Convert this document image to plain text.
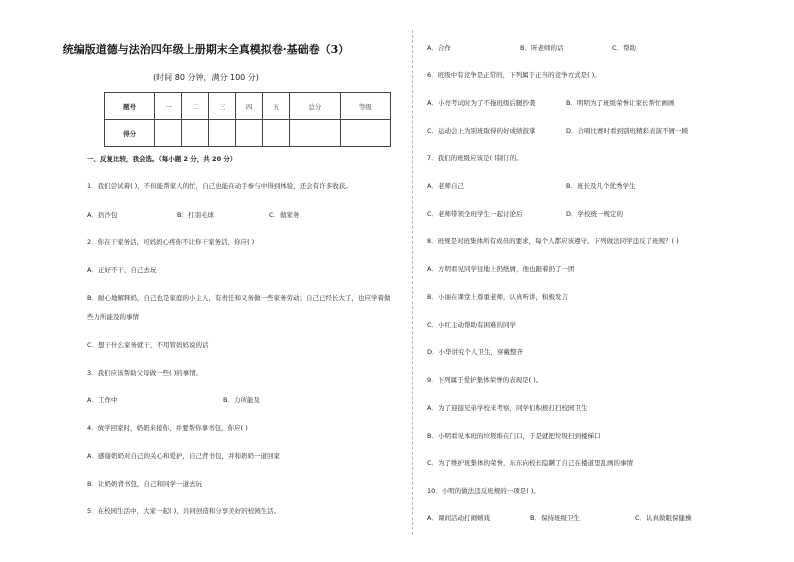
统编版道德与法治四年级上册期末全真模拟卷·基础卷（3）
(时间 80 分钟，满分 100 分)
题号	一	二	三	四	五	总分	等级
得分							
一、反复比较，我会选。（每小题 2 分，共 20 分）
1．我们尝试着( )，不但能帮家人的忙，自己也能在动手参与中得到体验，还会有许多收获。
A．扔沙包	B．打羽毛球	C．做家务
2．你在干家务活，可妈妈心疼你不让你干家务活，你应( )
A．正好不干，自己去玩
B．耐心地解释妈，自己也是家庭的小主人，有责任和义务做一些家务劳动；自己已经长大了，也应学着做
些力所能及的事情
C．想干什么家务就干，不用管妈妈说的话
3．我们应该帮助父母做一些( )的事情。
A．工作中	B．力所能及
4．放学回家时，奶奶来接你，并要帮你拿书包，你应( )
A．感谢奶奶对自己的关心和爱护，自己背书包，并和奶奶一道回家
B．让奶奶背书包，自己和同学一道去玩
5．在校园生活中，大家一起( )，共同创造和分享美好的校园生活。
A．合作	B．听老师的话	C．帮助
6．班级中有竞争是正常的，下列属于正当的竞争方式是( )。
A．小亮考试时为了不拖班级后腿抄袭	B．明明为了班级荣誉让家长帮忙画画
C．运动会上为别班取得的好成绩鼓掌	D．合唱比赛时看到别班精彩表演不屑一顾
7．我们的班级应该是( )制订的。
A．老师自己	B．班长及几个优秀学生
C．老师带领全班学生一起讨论后	D．学校统一规定的
8．班规是对班集体所有成员的要求，每个人都应该遵守。下列做法同学违反了班规？( )
A．方明看见同学往地上扔纸屑，他也跟着扔了一团
B．小丽在课堂上尊重老师，认真听讲，积极发言
C．小红主动帮助有困难的同学
D．小华讲究个人卫生，穿戴整齐
9．下列属于爱护集体荣誉的表现是( )。
A．为了迎接兄弟学校来考察，同学们积极打扫校园卫生
B．小明看见本班的垃圾堆在门口，于是就把垃圾扫到楼梯口
C．为了维护班集体的荣誉，东东向校长隐瞒了自己在楼道里乱画的事情
10．小明的做法违反班规的一项是( )。
A．课间活动打闹嬉戏	B．保持班级卫生	C．认真做眼保健操
